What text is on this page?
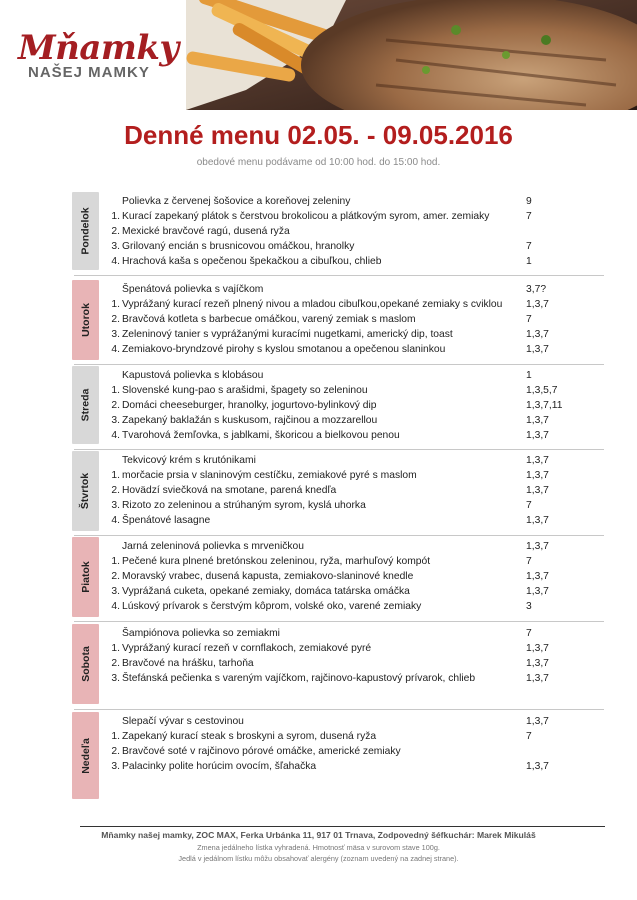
Mňamky
NAŠEJ MAMKY
Denné menu 02.05. - 09.05.2016
obedové menu podávame od 10:00 hod. do 15:00 hod.
Pondelok
Polievka z červenej šošovice a koreňovej zeleniny	9
1. Kurací zapekaný plátok s čerstvou brokolicou a plátkovým syrom, amer. zemiaky	7
2. Mexické bravčové ragú, dusená ryža
3. Grilovaný encián s brusnicovou omáčkou, hranolky	7
4. Hrachová kaša s opečenou špekačkou a cibuľkou, chlieb	1
Utorok
Špenátová polievka s vajíčkom	3,7?
1. Vyprážaný kurací rezeň plnený nivou a mladou cibuľkou,opekané zemiaky s cviklou 1,3,7
2. Bravčová kotleta s barbecue omáčkou, varený zemiak s maslom	7
3. Zeleninový tanier s vyprážanými kuracími nugetkami, americký dip, toast	1,3,7
4. Zemiakovo-bryndzové pirohy s kyslou smotanou a opečenou slaninkou	1,3,7
Streda
Kapustová polievka s klobásou	1
1. Slovenské kung-pao s arašidmi, špagety so zeleninou	1,3,5,7
2. Domáci cheeseburger, hranolky, jogurtovo-bylinkový dip	1,3,7,11
3. Zapekaný baklažán s kuskusom, rajčinou a mozzarellou	1,3,7
4. Tvarohová žemľovka, s jablkami, škoricou a bielkovou penou	1,3,7
Štvrtok
Tekvicový krém s krutónikami	1,3,7
1. morčacie prsia v slaninovým cestíčku, zemiakové pyré s maslom	1,3,7
2. Hovädzí sviečková na smotane, parená knedľa	1,3,7
3. Rizoto zo zeleninou a strúhaným syrom, kyslá uhorka	7
4. Špenátové lasagne	1,3,7
Piatok
Jarná zeleninová polievka s mrveničkou	1,3,7
1. Pečené kura plnené bretónskou zeleninou, ryža, marhuľový kompót	7
2. Moravský vrabec, dusená kapusta, zemiakovo-slaninové knedle	1,3,7
3. Vyprážaná cuketa, opekané zemiaky, domáca tatárska omáčka	1,3,7
4. Lúskový prívarok s čerstvým kôprom, volské oko, varené zemiaky	3
Sobota
Šampiónova polievka so zemiakmi	7
1. Vyprážaný kurací rezeň v cornflakoch, zemiakové pyré	1,3,7
2. Bravčové na hrášku, tarhoňa	1,3,7
3. Štefánská pečienka s vareným vajíčkom, rajčinovo-kapustový prívarok, chlieb	1,3,7
Nedeľa
Slepačí vývar s cestovinou	1,3,7
1. Zapekaný kurací steak s broskyni a syrom, dusená ryža	7
2. Bravčové soté v rajčinovo pórové omáčke, americké zemiaky
3. Palacinky polite horúcim ovocím, šľahačka	1,3,7
Mňamky našej mamky, ZOC MAX, Ferka Urbánka 11, 917 01 Trnava, Zodpovedný šéfkuchár: Marek Mikuláš
Zmena jedálneho lístka vyhradená. Hmotnosť mäsa v surovom stave 100g.
Jedlá v jedálnom lístku môžu obsahovať alergény (zoznam uvedený na zadnej strane).
